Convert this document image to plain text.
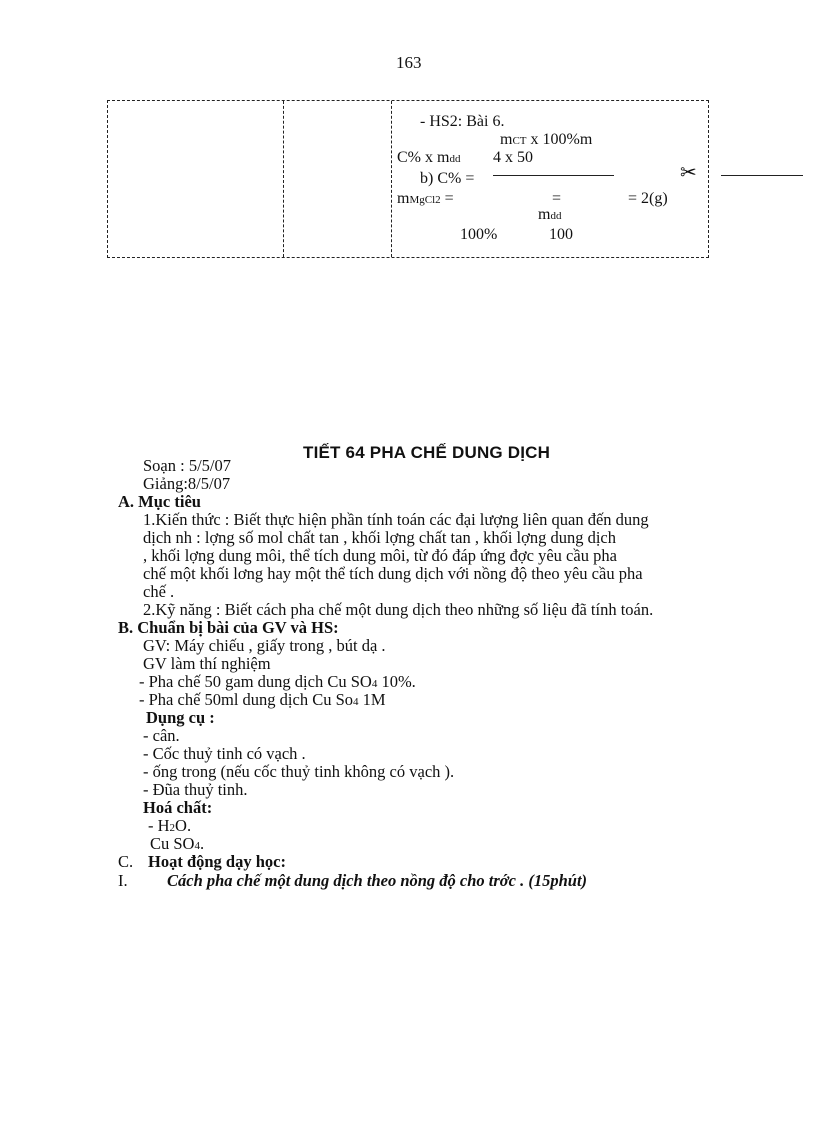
163
- HS2: Bài 6.
mCT x 100%m
C% x mdd 4 x 50
b) C% =
mMgCl2 =	=	= 2(g)
mdd
100%	100
✂
TIẾT 64 PHA CHẾ DUNG DỊCH
Soạn : 5/5/07
Giảng:8/5/07
A. Mục tiêu
1.Kiến thức : Biết thực hiện phần tính toán các đại lượng liên quan đến dung
dịch nh : lợng số mol chất tan , khối lợng chất tan , khối lợng dung dịch
, khối lợng dung môi, thể tích dung môi, từ đó đáp ứng đợc yêu cầu pha
chế một khối lơng hay một thể tích dung dịch với nồng độ theo yêu cầu pha
chế .
2.Kỹ năng : Biết cách pha chế một dung dịch theo những số liệu đã tính toán.
B. Chuẩn bị bài của GV và HS:
GV: Máy chiếu , giấy trong , bút dạ .
GV làm thí nghiệm
- Pha chế 50 gam dung dịch Cu SO4 10%.
- Pha chế 50ml dung dịch Cu So4 1M
Dụng cụ :
- cân.
- Cốc thuỷ tinh có vạch .
- ống trong (nếu cốc thuỷ tinh không có vạch ).
- Đũa thuỷ tinh.
Hoá chất:
- H2O.
Cu SO4.
C. Hoạt động dạy học:
I. Cách pha chế một dung dịch theo nồng độ cho trớc . (15phút)
